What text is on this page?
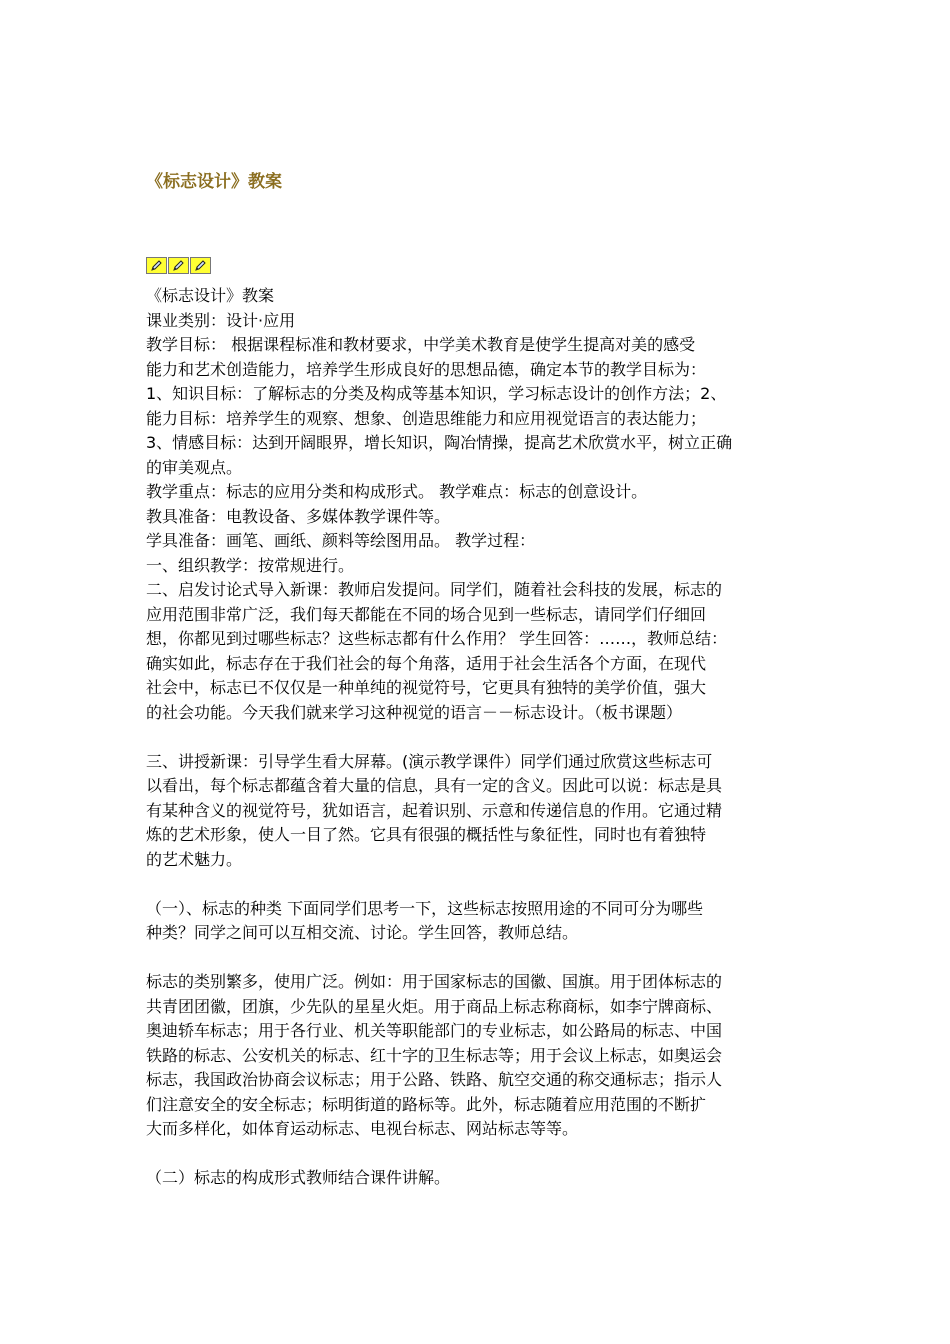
《标志设计》教案
《标志设计》教案
课业类别：设计·应用
教学目标： 根据课程标准和教材要求，中学美术教育是使学生提高对美的感受
能力和艺术创造能力，培养学生形成良好的思想品德，确定本节的教学目标为：
1、知识目标：了解标志的分类及构成等基本知识，学习标志设计的创作方法；2、
能力目标：培养学生的观察、想象、创造思维能力和应用视觉语言的表达能力；
3、情感目标：达到开阔眼界，增长知识，陶冶情操，提高艺术欣赏水平，树立正确
的审美观点。
教学重点：标志的应用分类和构成形式。 教学难点：标志的创意设计。
教具准备：电教设备、多媒体教学课件等。
学具准备：画笔、画纸、颜料等绘图用品。 教学过程：
一、组织教学：按常规进行。
二、启发讨论式导入新课：教师启发提问。同学们，随着社会科技的发展，标志的
应用范围非常广泛，我们每天都能在不同的场合见到一些标志，请同学们仔细回
想，你都见到过哪些标志？这些标志都有什么作用？ 学生回答：……，教师总结：
确实如此，标志存在于我们社会的每个角落，适用于社会生活各个方面，在现代
社会中，标志已不仅仅是一种单纯的视觉符号，它更具有独特的美学价值，强大
的社会功能。今天我们就来学习这种视觉的语言－－标志设计。（板书课题）
三、讲授新课：引导学生看大屏幕。(演示教学课件）同学们通过欣赏这些标志可
以看出，每个标志都蕴含着大量的信息，具有一定的含义。因此可以说：标志是具
有某种含义的视觉符号，犹如语言，起着识别、示意和传递信息的作用。它通过精
炼的艺术形象，使人一目了然。它具有很强的概括性与象征性，同时也有着独特
的艺术魅力。
（一）、标志的种类 下面同学们思考一下，这些标志按照用途的不同可分为哪些
种类？同学之间可以互相交流、讨论。学生回答，教师总结。
标志的类别繁多，使用广泛。例如：用于国家标志的国徽、国旗。用于团体标志的
共青团团徽，团旗，少先队的星星火炬。用于商品上标志称商标，如李宁牌商标、
奥迪轿车标志；用于各行业、机关等职能部门的专业标志，如公路局的标志、中国
铁路的标志、公安机关的标志、红十字的卫生标志等；用于会议上标志，如奥运会
标志，我国政治协商会议标志；用于公路、铁路、航空交通的称交通标志；指示人
们注意安全的安全标志；标明街道的路标等。此外，标志随着应用范围的不断扩
大而多样化，如体育运动标志、电视台标志、网站标志等等。
（二）标志的构成形式教师结合课件讲解。
